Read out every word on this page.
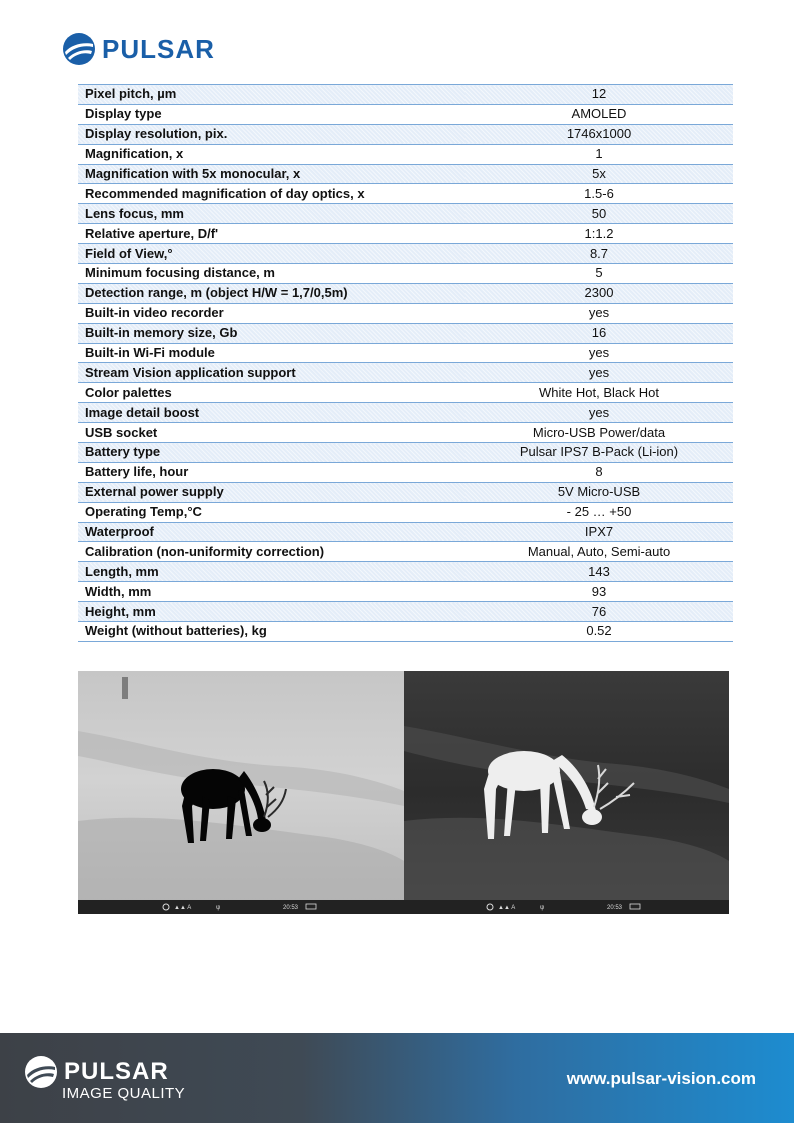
PULSAR
Pixel pitch, µm	12
Display type	AMOLED
Display resolution, pix.	1746x1000
Magnification, x	1
Magnification with 5x monocular, x	5x
Recommended magnification of day optics, x	1.5-6
Lens focus, mm	50
Relative aperture, D/f'	1:1.2
Field of View,°	8.7
Minimum focusing distance, m	5
Detection range, m (object H/W = 1,7/0,5m)	2300
Built-in video recorder	yes
Built-in memory size, Gb	16
Built-in Wi-Fi module	yes
Stream Vision application support	yes
Color palettes	White Hot, Black Hot
Image detail boost	yes
USB socket	Micro-USB Power/data
Battery type	Pulsar IPS7 B-Pack (Li-ion)
Battery life, hour	8
External power supply	5V Micro-USB
Operating Temp,°C	- 25 … +50
Waterproof	IPX7
Calibration (non-uniformity correction)	Manual, Auto, Semi-auto
Length, mm	143
Width, mm	93
Height, mm	76
Weight (without batteries), kg	0.52
▲▲ A	ψ	20:53	▲▲ A	ψ	20:53
PULSAR
IMAGE QUALITY
www.pulsar-vision.com
